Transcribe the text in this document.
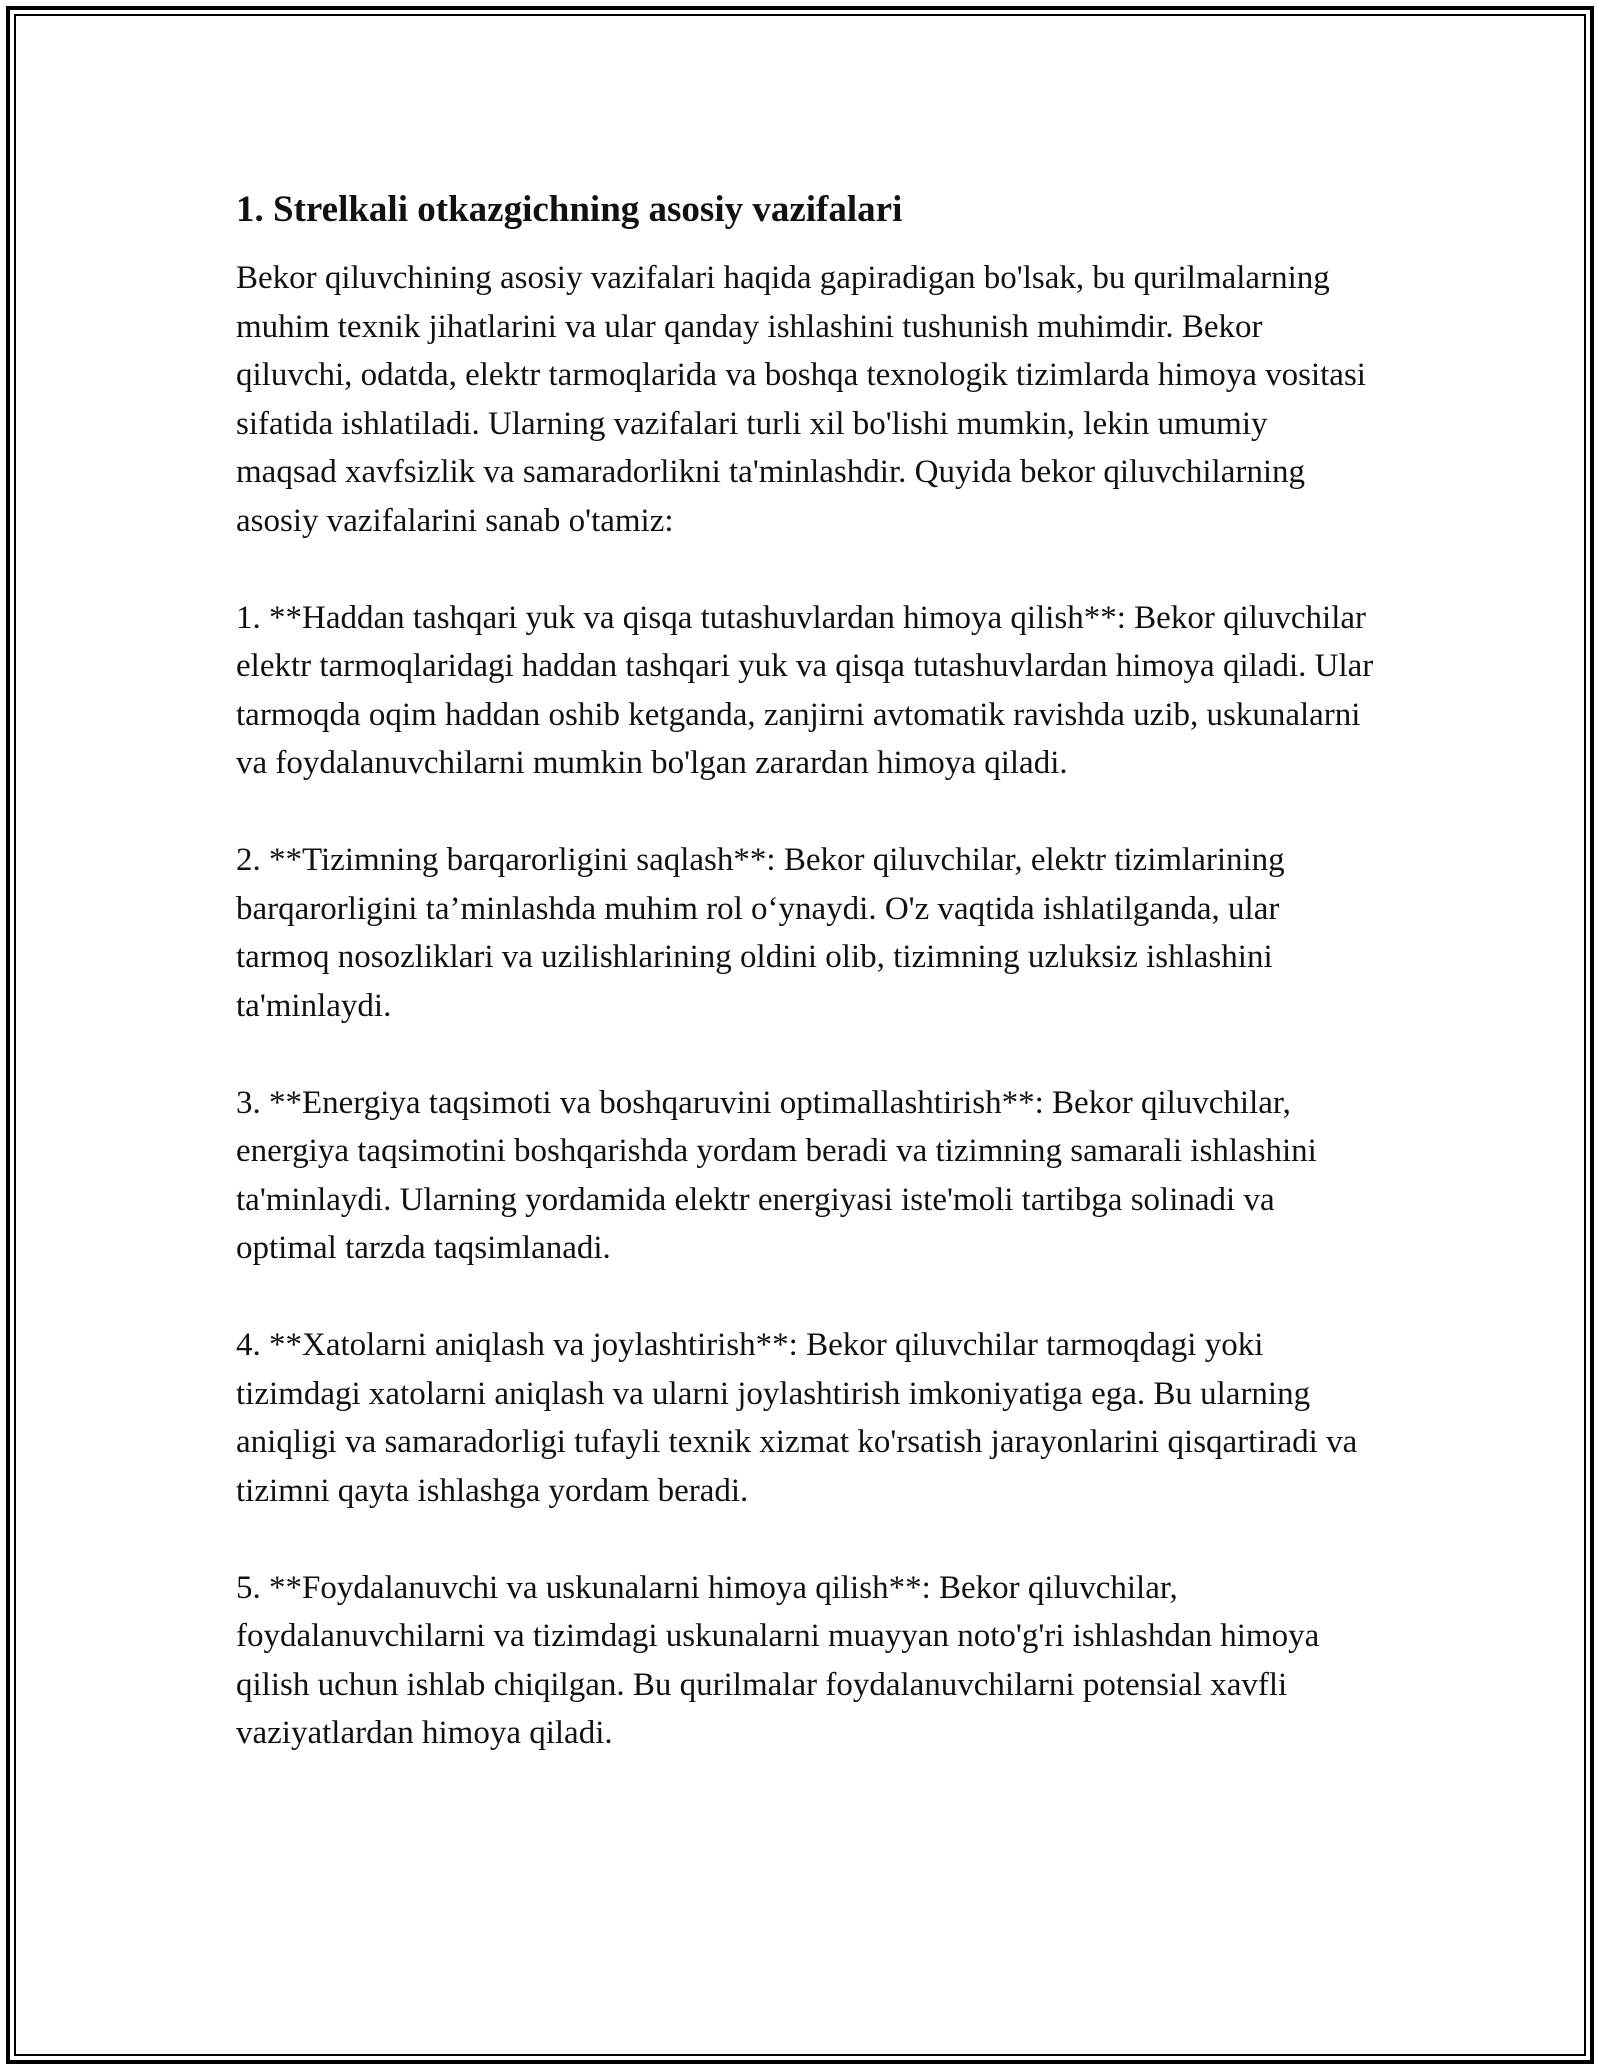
1. Strelkali otkazgichning asosiy vazifalari

Bekor qiluvchining asosiy vazifalari haqida gapiradigan bo'lsak, bu qurilmalarning muhim texnik jihatlarini va ular qanday ishlashini tushunish muhimdir. Bekor qiluvchi, odatda, elektr tarmoqlarida va boshqa texnologik tizimlarda himoya vositasi sifatida ishlatiladi. Ularning vazifalari turli xil bo'lishi mumkin, lekin umumiy maqsad xavfsizlik va samaradorlikni ta'minlashdir. Quyida bekor qiluvchilarning asosiy vazifalarini sanab o'tamiz:

1. **Haddan tashqari yuk va qisqa tutashuvlardan himoya qilish**: Bekor qiluvchilar elektr tarmoqlaridagi haddan tashqari yuk va qisqa tutashuvlardan himoya qiladi. Ular tarmoqda oqim haddan oshib ketganda, zanjirni avtomatik ravishda uzib, uskunalarni va foydalanuvchilarni mumkin bo'lgan zarardan himoya qiladi.

2. **Tizimning barqarorligini saqlash**: Bekor qiluvchilar, elektr tizimlarining barqarorligini ta’minlashda muhim rol o‘ynaydi. O'z vaqtida ishlatilganda, ular tarmoq nosozliklari va uzilishlarining oldini olib, tizimning uzluksiz ishlashini ta'minlaydi.

3. **Energiya taqsimoti va boshqaruvini optimallashtirish**: Bekor qiluvchilar, energiya taqsimotini boshqarishda yordam beradi va tizimning samarali ishlashini ta'minlaydi. Ularning yordamida elektr energiyasi iste'moli tartibga solinadi va optimal tarzda taqsimlanadi.

4. **Xatolarni aniqlash va joylashtirish**: Bekor qiluvchilar tarmoqdagi yoki tizimdagi xatolarni aniqlash va ularni joylashtirish imkoniyatiga ega. Bu ularning aniqligi va samaradorligi tufayli texnik xizmat ko'rsatish jarayonlarini qisqartiradi va tizimni qayta ishlashga yordam beradi.

5. **Foydalanuvchi va uskunalarni himoya qilish**: Bekor qiluvchilar, foydalanuvchilarni va tizimdagi uskunalarni muayyan noto'g'ri ishlashdan himoya qilish uchun ishlab chiqilgan. Bu qurilmalar foydalanuvchilarni potensial xavfli vaziyatlardan himoya qiladi.
